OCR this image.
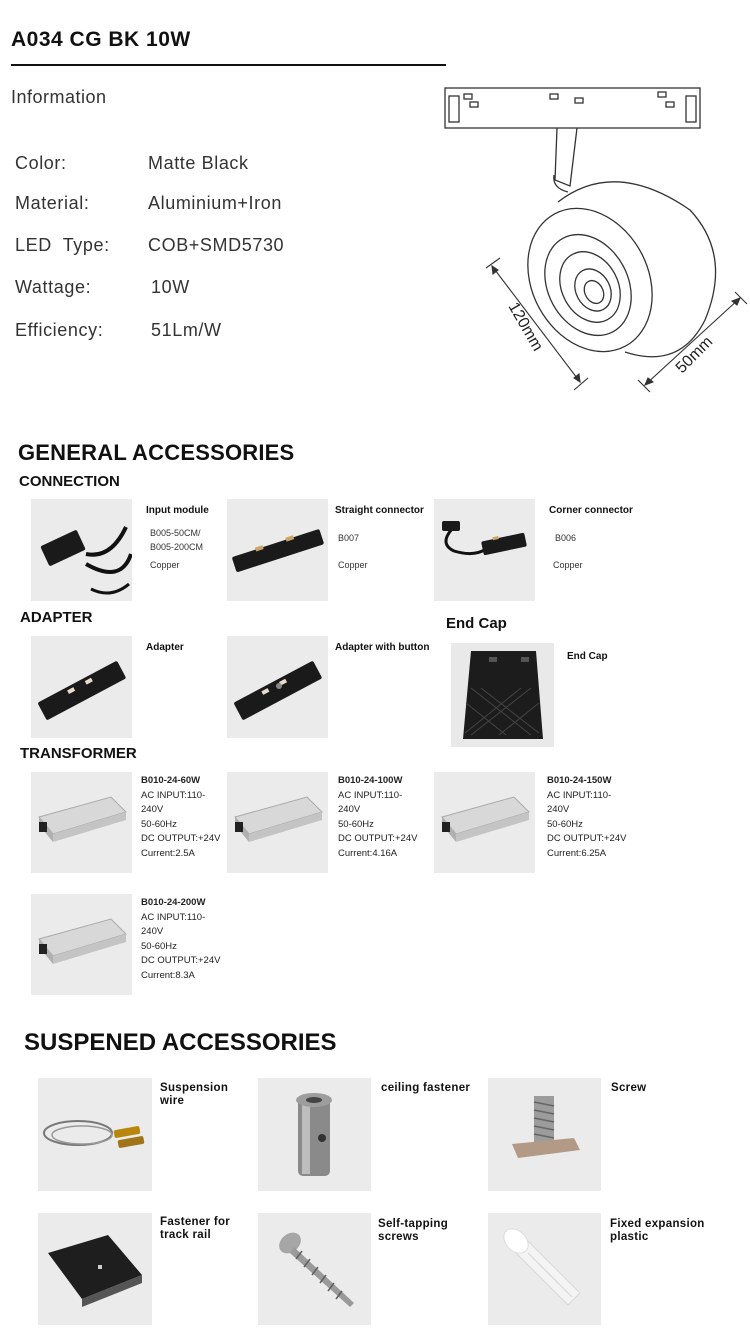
A034 CG BK 10W
Information
Color:	Matte Black
Material:	Aluminium+Iron
LED  Type: COB+SMD5730
Wattage:	10W
Efficiency:	51Lm/W	120mm
50mm
GENERAL ACCESSORIES
CONNECTION
Input module
B005-50CM/
B005-200CM
Copper
Straight connector
B007
Copper
Corner connector
B006
Copper
ADAPTER
Adapter	Adapter with button
End Cap
End Cap
TRANSFORMER
B010-24-60W
AC INPUT:110-
240V
50-60Hz
DC OUTPUT:+24V
Current:2.5A
B010-24-100W
AC INPUT:110-
240V
50-60Hz
DC OUTPUT:+24V
Current:4.16A
B010-24-150W
AC INPUT:110-
240V
50-60Hz
DC OUTPUT:+24V
Current:6.25A
B010-24-200W
AC INPUT:110-
240V
50-60Hz
DC OUTPUT:+24V
Current:8.3A
SUSPENED ACCESSORIES
Suspension
wire
ceiling fastener	Screw
Fastener for
track rail
Self-tapping
screws
Fixed expansion
plastic
